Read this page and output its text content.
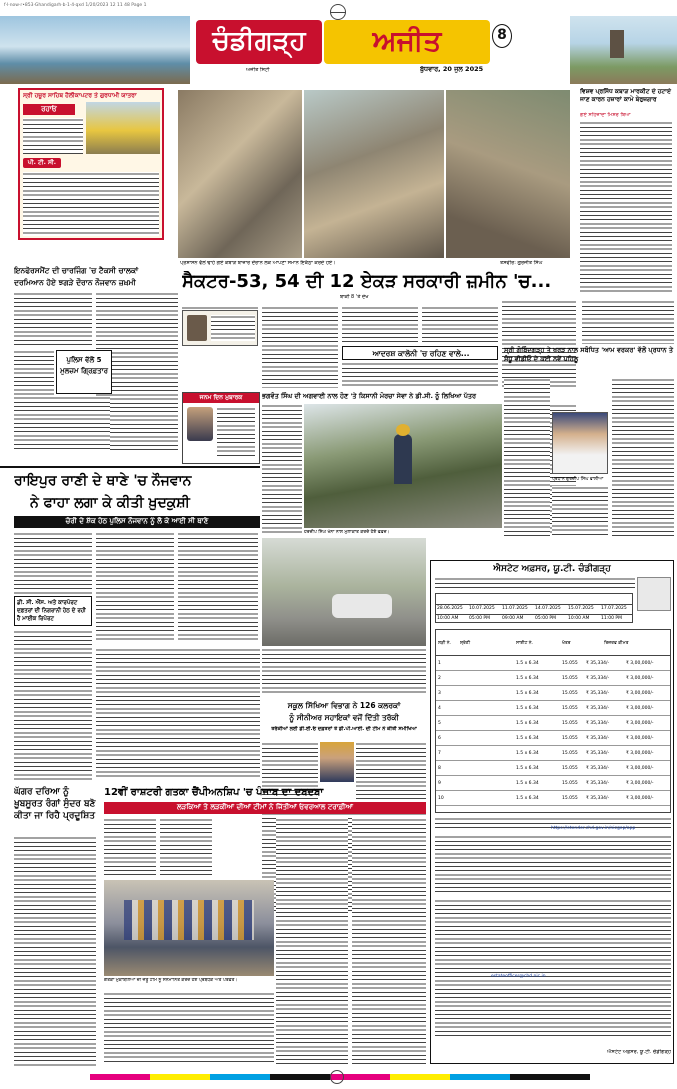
f·l·now·r•853·Ghandigarh·b·1·4·qxd 1/20/2023 12 11 48 Page 1
ਚੰਡੀਗੜ੍ਹ	ਅਜੀਤ	8
ਅਜੀਤ ਸਿਟੀ	ਬੁੱਧਵਾਰ, 20 ਜੁਲ 2025
ਸ੍ਰੀ ਹਜ਼ੂਰ ਸਾਹਿਬ ਹੈਲੀਕਾਪਟਰ ਤੇ ਗੁਰਧਾਮੀ ਯਾਤਰਾ
ਰਹਾਓ
ਪੀ. ਟੀ. ਸੀ.
ਪ੍ਰਸ਼ਾਸਨ ਵੱਲੋਂ ਢਾਹੇ ਗਏ ਕਬਾੜ ਬਾਜ਼ਾਰ ਦੌਰਾਨ ਲੋਕ ਆਪਣਾ ਸਮਾਨ ਇਕੱਠਾ ਕਰਦੇ ਹੋਏ।	ਤਸਵੀਰ: ਗੁਰਜੀਤ ਸਿੰਘ
ਵਿਸ਼ਵ ਪ੍ਰਸਿੱਧ ਕਬਾੜ ਮਾਰਕੀਟ ਦੇ ਹਟਾਏ ਜਾਣ ਕਾਰਨ ਹਜ਼ਾਰਾਂ ਕਾਮੇ ਬੇਰੁਜ਼ਗਾਰ
ਗਏ ਸਹਿਜ਼ਾਦਾ ਮਿਸ਼ਰ ਬਿਆ
ਸੈਕਟਰ-53, 54 ਦੀ 12 ਏਕੜ ਸਰਕਾਰੀ ਜ਼ਮੀਨ 'ਚ...
ਇਨਫੋਰਸਮੈਂਟ ਦੀ ਚਾਰਜਿੰਗ 'ਚ ਟੈਕਸੀ ਚਾਲਕਾਂ
ਦਰਮਿਆਨ ਹੋਏ ਝਗੜੇ ਦੌਰਾਨ ਨੌਜਵਾਨ ਜ਼ਖ਼ਮੀ
ਪੁਲਿਸ ਵੱਲੋਂ 5 ਮੁਲਜ਼ਮ ਗ੍ਰਿਫ਼ਤਾਰ
ਬਾਕੀ 8 'ਤੇ ਦੇਖੋ
ਆਦਰਸ਼ ਕਾਲੋਨੀ 'ਚ ਰਹਿਣ ਵਾਲੇ...
ਜਨਮ ਦਿਨ ਮੁਬਾਰਕ	ਭਗਵੰਤ ਸਿੰਘ ਦੀ ਅਗਵਾਈ ਨਾਲ ਹੋਣ 'ਤੇ ਕਿਸਾਨੀ ਮੋਰਚਾ ਸੇਵਾ ਨੇ ਡੀ.ਸੀ. ਨੂੰ ਲਿਖਿਆ ਪੱਤਰ
ਹਰਦੀਪ ਸਿੰਘ ਖੰਨਾ ਨਾਲ ਮੁਲਾਕਾਤ ਕਰਦੇ ਹੋਏ ਵਫ਼ਦ।
ਸ੍ਰੀ ਗੋਬਿੰਦਗੜ੍ਹ ਤੇ ਖਰੜ ਨਾਲ ਸਬੰਧਿਤ 'ਆਮ ਵਰਕਰ' ਵੱਲੋਂ ਪ੍ਰਧਾਨ ਤੇ ਸੰਧੂ ਵੀਡੀਓ ਦੇ ਕਈ ਨਵੇਂ ਪਹਿਲੂ
ਪ੍ਰਧਾਨ ਗੁਰਦੀਪ ਸਿੰਘ ਵਾਲੀਆ
ਰਾਇਪੁਰ ਰਾਣੀ ਦੇ ਥਾਣੇ 'ਚ ਨੌਜਵਾਨ
ਨੇ ਫਾਹਾ ਲਗਾ ਕੇ ਕੀਤੀ ਖ਼ੁਦਕੁਸ਼ੀ
ਚੋਰੀ ਦੇ ਸ਼ੱਕ ਹੇਠ ਪੁਲਿਸ ਨੌਜਵਾਨ ਨੂੰ ਲੈ ਕੇ ਆਈ ਸੀ ਥਾਣੇ
ਡੀ. ਸੀ. ਐੱਸ. ਅਤੇ ਕਾਰਪੋਰਟ ਦਫ਼ਤਰਾਂ ਦੀ ਨਿਗਰਾਨੀ ਹੇਠ ਦੇ ਰਹੀ ਹੈ ਮਾਈਕ ਰਿਪੋਰਟ
ਸਕੂਲ ਸਿੱਖਿਆ ਵਿਭਾਗ ਨੇ 126 ਕਲਰਕਾਂ
ਨੂੰ ਸੀਨੀਅਰ ਸਹਾਇਕਾਂ ਵਜੋਂ ਦਿੱਤੀ ਤਰੱਕੀ
ਤਰੱਕੀਆਂ ਲਈ ਡੀ.ਈ.ਓ ਦਫ਼ਤਰਾਂ ਤੇ ਡੀ.ਪੀ.ਆਈ. ਦੀ ਟੀਮ ਨੇ ਕੀਤੀ ਸਮੀਖਿਆ
ਘੱਗਰ ਦਰਿਆ ਨੂੰ ਖ਼ੂਬਸੂਰਤ ਰੰਗਾਂ ਸੁੰਦਰ ਬਣੋ ਕੀਤਾ ਜਾ ਰਿਹੈ ਪ੍ਰਦੂਸ਼ਿਤ
12ਵੀਂ ਰਾਸ਼ਟਰੀ ਗਤਕਾ ਚੈਂਪੀਅਨਸ਼ਿਪ 'ਚ ਪੰਜਾਬ ਦਾ ਦਬਦਬਾ
ਲੜਕਿਆਂ ਤੇ ਲੜਕੀਆਂ ਦੀਆਂ ਟੀਮਾਂ ਨੇ ਜਿੱਤੀਆਂ ਓਵਰਆਲ ਟਰਾਫ਼ੀਆਂ
ਗਤਕਾ ਮੁਕਾਬਲਿਆਂ ਦੀ ਜੇਤੂ ਟੀਮ ਨੂੰ ਸਨਮਾਨਿਤ ਕਰਦੇ ਹੋਏ ਪ੍ਰਬੰਧਕ ਅਤੇ ਪਤਵੰਤੇ।
ਐਸਟੇਟ ਅਫ਼ਸਰ, ਯੂ.ਟੀ. ਚੰਡੀਗੜ੍ਹ
28.06.2025	10.07.2025	11.07.2025	14.07.2025	15.07.2025	17.07.2025
10:00 AM	05:00 PM	09:00 AM	05:00 PM	10:00 AM	11:00 PM
ਲੜੀ ਨੰ.	ਸ਼੍ਰੇਣੀ	ਸਾਈਟ ਨੰ.	ਖੇਤਰ	ਰਿਜ਼ਰਵ ਕੀਮਤ
1	1.5 x 6.34	15.055	₹ 35,334/-	₹ 3,00,000/-
2	1.5 x 6.34	15.055	₹ 35,334/-	₹ 3,00,000/-
3	1.5 x 6.34	15.055	₹ 35,334/-	₹ 3,00,000/-
4	1.5 x 6.34	15.055	₹ 35,334/-	₹ 3,00,000/-
5	1.5 x 6.34	15.055	₹ 35,334/-	₹ 3,00,000/-
6	1.5 x 6.34	15.055	₹ 35,334/-	₹ 3,00,000/-
7	1.5 x 6.34	15.055	₹ 35,334/-	₹ 3,00,000/-
8	1.5 x 6.34	15.055	₹ 35,334/-	₹ 3,00,000/-
9	1.5 x 6.34	15.055	₹ 35,334/-	₹ 3,00,000/-
10	1.5 x 6.34	15.055	₹ 35,334/-	₹ 3,00,000/-
https://etender.chd.gov.in/nicgep/app
estateofficer@chd.nic.in
ਐਸਟੇਟ ਅਫ਼ਸਰ, ਯੂ.ਟੀ. ਚੰਡੀਗੜ੍ਹ
